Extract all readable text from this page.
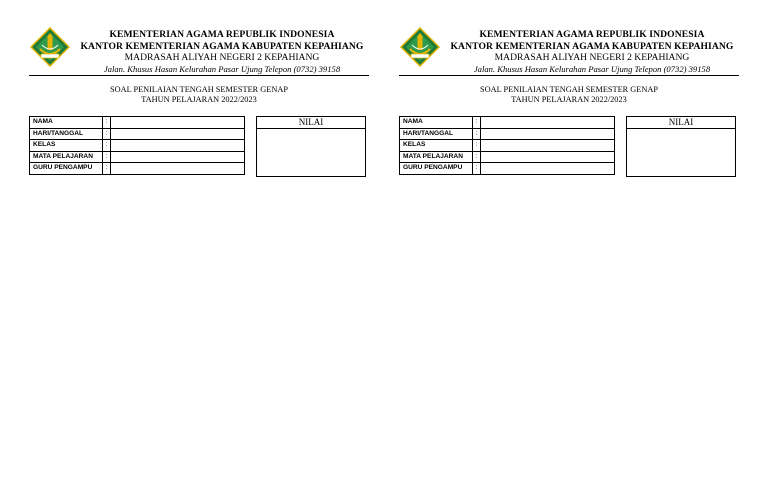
KEMENTERIAN AGAMA REPUBLIK INDONESIA
KANTOR KEMENTERIAN AGAMA KABUPATEN KEPAHIANG
MADRASAH ALIYAH NEGERI 2 KEPAHIANG
Jalan. Khusus Hasan Kelurahan Pasar Ujung Telepon (0732) 39158
SOAL PENILAIAN TENGAH SEMESTER GENAP
TAHUN PELAJARAN 2022/2023
NAMA	:	
HARI/TANGGAL	:	
KELAS	:	
MATA PELAJARAN	:	
GURU PENGAMPU	:	
NILAI
KEMENTERIAN AGAMA REPUBLIK INDONESIA
KANTOR KEMENTERIAN AGAMA KABUPATEN KEPAHIANG
MADRASAH ALIYAH NEGERI 2 KEPAHIANG
Jalan. Khusus Hasan Kelurahan Pasar Ujung Telepon (0732) 39158
SOAL PENILAIAN TENGAH SEMESTER GENAP
TAHUN PELAJARAN 2022/2023
NAMA	:	
HARI/TANGGAL	:	
KELAS	:	
MATA PELAJARAN	:	
GURU PENGAMPU	:	
NILAI
